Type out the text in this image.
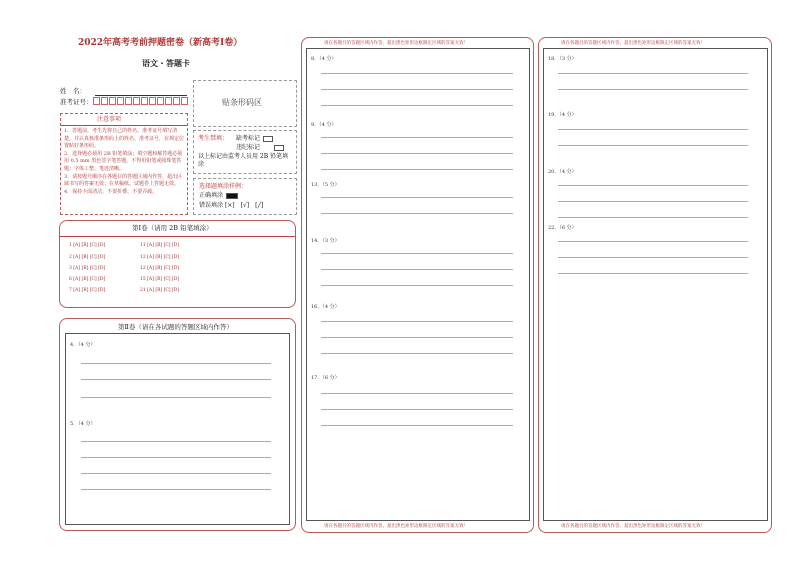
2022年高考考前押题密卷（新高考Ⅰ卷）
语文・答题卡
姓　名：
准考证号：	贴条形码区
注意事项
1．答题前，考生先将自己的姓名，准考证号填写清楚，并认真核准条形码上的姓名、准考证号，在规定位置贴好条形码。
2．选择题必须用 2B 铅笔填涂；填空题和解答题必须用 0.5 mm 黑色签字笔答题，不得用铅笔或圆珠笔答题；字体工整、笔迹清晰。
3．请按题号顺序在各题目的答题区域内作答，超出区域书写的答案无效；在草稿纸、试题卷上答题无效。
4．保持卡面清洁，不要折叠、不要弄破。
考生禁填： 缺考标记
违纪标记
以上标记由监考人员用 2B 铅笔填涂
选择题填涂样例：
正确填涂
错误填涂 [×]　[√]　[╱]
第Ⅰ卷（请用 2B 铅笔填涂）
1 [A] [B] [C] [D]
2 [A] [B] [C] [D]
3 [A] [B] [C] [D]
6 [A] [B] [C] [D]
7 [A] [B] [C] [D]
11 [A] [B] [C] [D]
12 [A] [B] [C] [D]
12 [A] [B] [C] [D]
15 [A] [B] [C] [D]
21 [A] [B] [C] [D]
第Ⅱ卷（请在各试题的答题区域内作答）
4．（4 分）
5．（4 分）
请在各题目的答题区域内作答，超出黑色矩形边框限定区域的答案无效！
8．（4 分）
9．（4 分）
13．（5 分）
14．（3 分）
16．（4 分）
17．（6 分）
请在各题目的答题区域内作答，超出黑色矩形边框限定区域的答案无效！
请在各题目的答题区域内作答，超出黑色矩形边框限定区域的答案无效！
18．（3 分）
19．（4 分）
20．（4 分）
22．（6 分）
请在各题目的答题区域内作答，超出黑色矩形边框限定区域的答案无效！
